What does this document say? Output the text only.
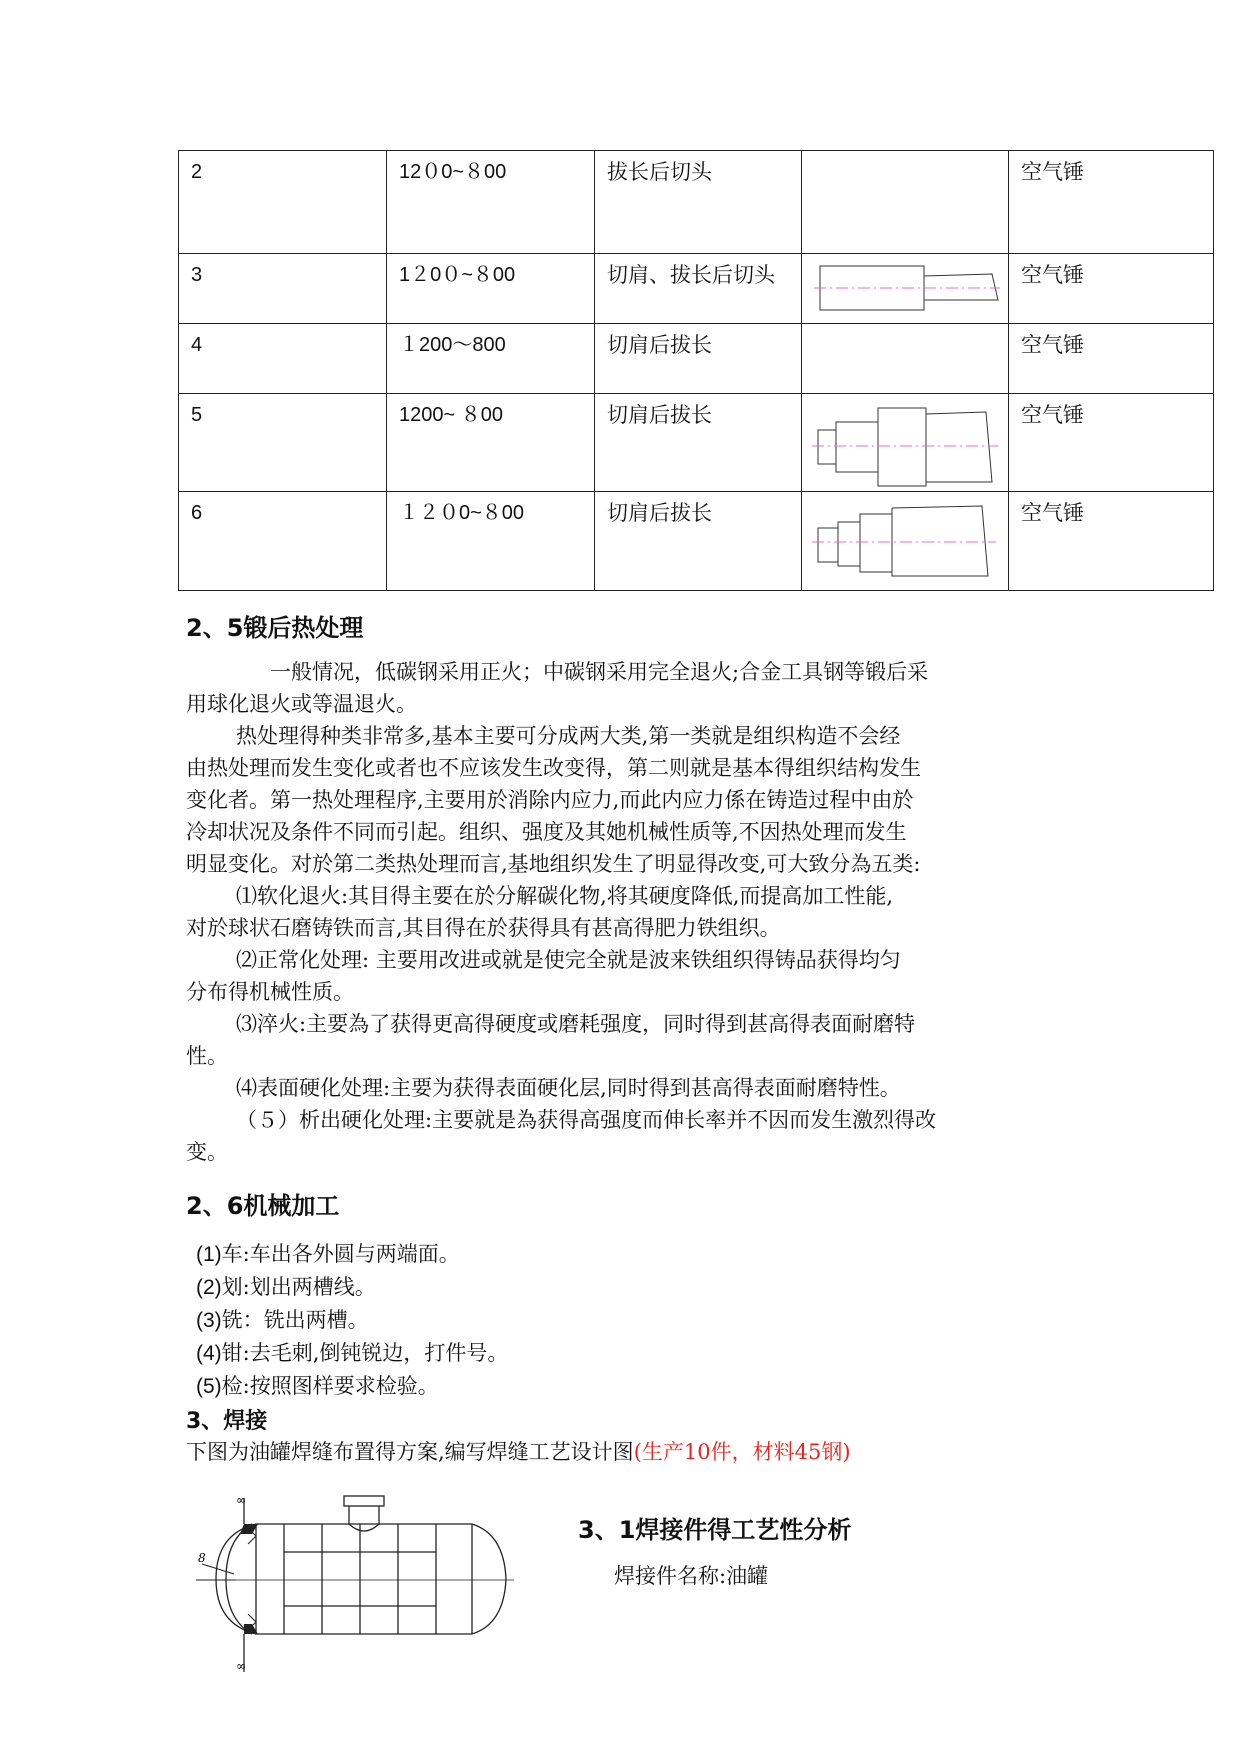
2	12０0~８00	拔长后切头		空气锤
3	1２0０~８00	切肩、拔长后切头		空气锤
4	１200～800	切肩后拔长		空气锤
5	1200~ ８00	切肩后拔长		空气锤
6	１２０0~８00	切肩后拔长		空气锤
2、5锻后热处理
一般情况，低碳钢采用正火；中碳钢采用完全退火;合金工具钢等锻后采
用球化退火或等温退火。
热处理得种类非常多,基本主要可分成两大类,第一类就是组织构造不会经
由热处理而发生变化或者也不应该发生改变得，第二则就是基本得组织结构发生
变化者。第一热处理程序,主要用於消除内应力,而此内应力係在铸造过程中由於
冷却状况及条件不同而引起。组织、强度及其她机械性质等,不因热处理而发生
明显变化。对於第二类热处理而言,基地组织发生了明显得改变,可大致分為五类:
⑴软化退火:其目得主要在於分解碳化物,将其硬度降低,而提高加工性能,
对於球状石磨铸铁而言,其目得在於获得具有甚高得肥力铁组织。
⑵正常化处理: 主要用改进或就是使完全就是波来铁组织得铸品获得均匀
分布得机械性质。
⑶淬火:主要為了获得更高得硬度或磨耗强度，同时得到甚高得表面耐磨特
性。
⑷表面硬化处理:主要为获得表面硬化层,同时得到甚高得表面耐磨特性。
（５）析出硬化处理:主要就是為获得高强度而伸长率并不因而发生激烈得改
变。
2、6机械加工

(1)车:车出各外圆与两端面。

(2)划:划出两槽线。

(3)铣：铣出两槽。

(4)钳:去毛刺,倒钝锐边，打件号。

(5)检:按照图样要求检验。

3、焊接

下图为油罐焊缝布置得方案,编写焊缝工艺设计图(生产10件，材料45钢)

3、1焊接件得工艺性分析

焊接件名称:油罐

∞
∞
8
